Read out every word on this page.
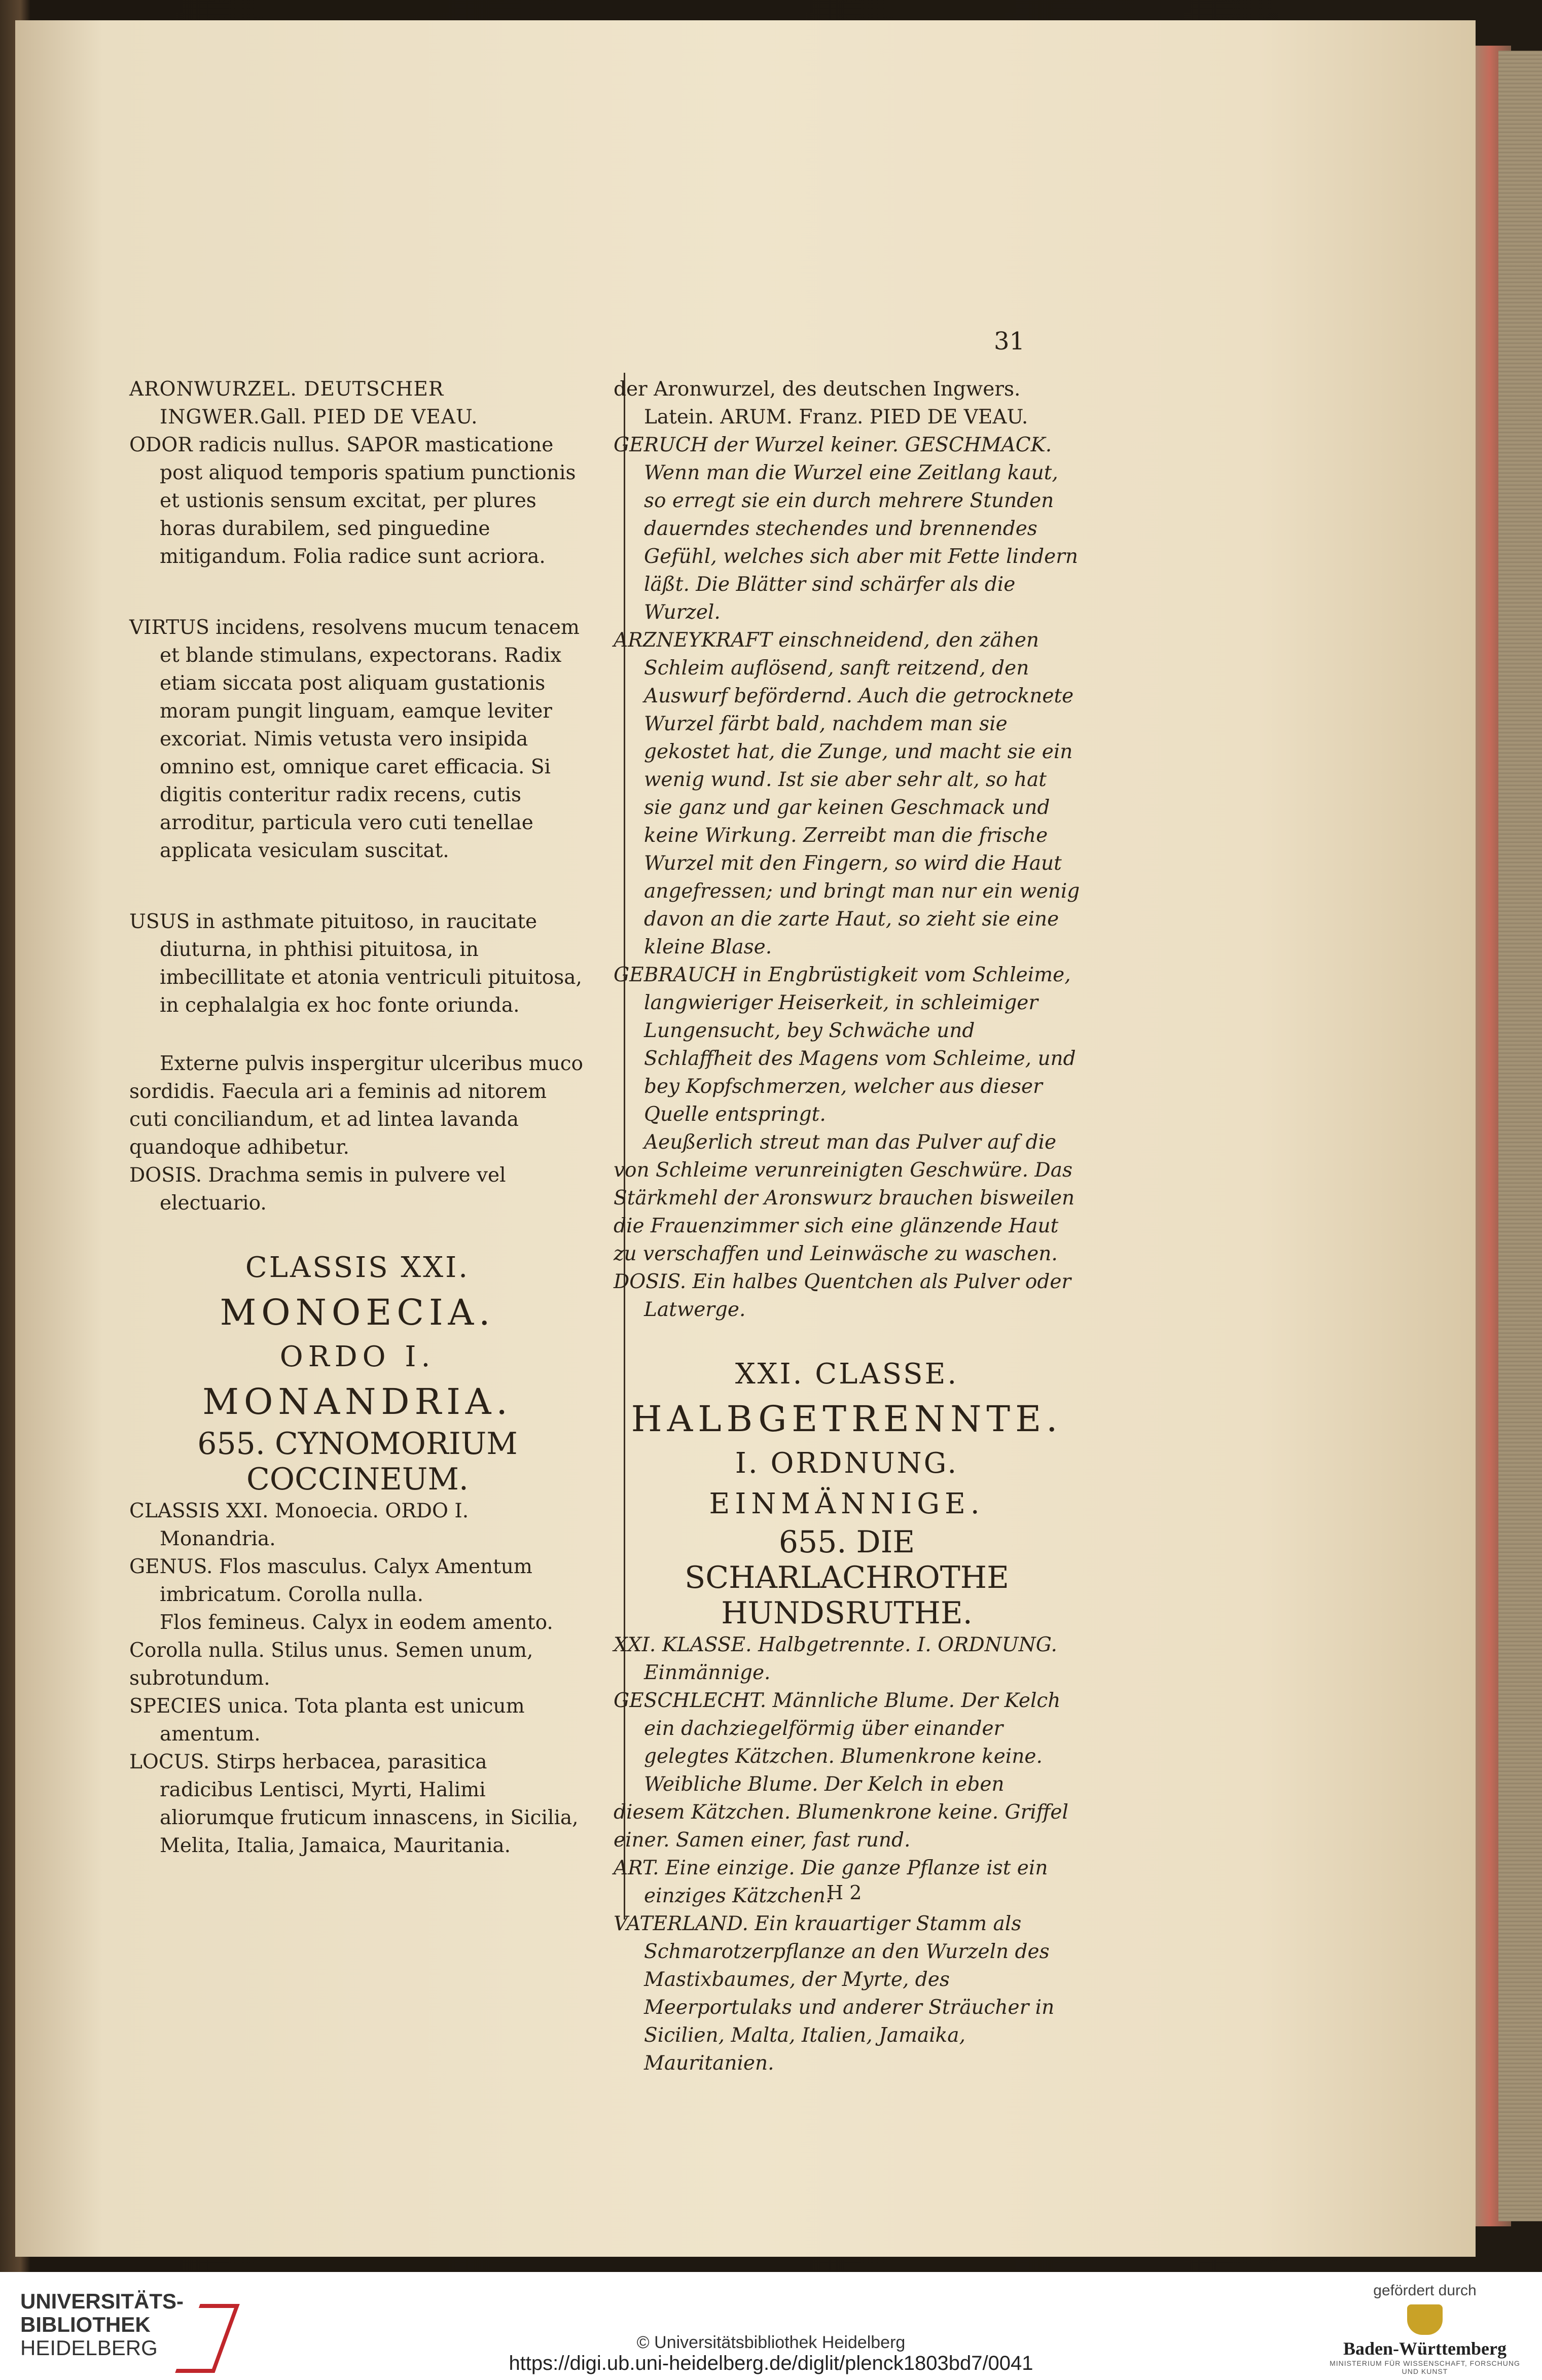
31

ARONWURZEL. DEUTSCHER INGWER.Gall. PIED DE VEAU.

ODOR radicis nullus. SAPOR masticatione post aliquod temporis spatium punctionis et ustionis sensum excitat, per plures horas durabilem, sed pinguedine mitigandum. Folia radice sunt acriora.

VIRTUS incidens, resolvens mucum tenacem et blande stimulans, expectorans. Radix etiam siccata post aliquam gustationis moram pungit linguam, eamque leviter excoriat. Nimis vetusta vero insipida omnino est, omnique caret efficacia. Si digitis conteritur radix recens, cutis arroditur, particula vero cuti tenellae applicata vesiculam suscitat.

USUS in asthmate pituitoso, in raucitate diuturna, in phthisi pituitosa, in imbecillitate et atonia ventriculi pituitosa, in cephalalgia ex hoc fonte oriunda.

Externe pulvis inspergitur ulceribus muco sordidis. Faecula ari a feminis ad nitorem cuti conciliandum, et ad lintea lavanda quandoque adhibetur.

DOSIS. Drachma semis in pulvere vel electuario.

CLASSIS XXI.

MONOECIA.

ORDO I.

MONANDRIA.

655. CYNOMORIUM COCCINEUM.

CLASSIS XXI. Monoecia. ORDO I. Monandria.

GENUS. Flos masculus. Calyx Amentum imbricatum. Corolla nulla.

Flos femineus. Calyx in eodem amento. Corolla nulla. Stilus unus. Semen unum, subrotundum.

SPECIES unica. Tota planta est unicum amentum.

LOCUS. Stirps herbacea, parasitica radicibus Lentisci, Myrti, Halimi aliorumque fruticum innascens, in Sicilia, Melita, Italia, Jamaica, Mauritania.

der Aronwurzel, des deutschen Ingwers. Latein. ARUM. Franz. PIED DE VEAU.

GERUCH der Wurzel keiner. GESCHMACK. Wenn man die Wurzel eine Zeitlang kaut, so erregt sie ein durch mehrere Stunden dauerndes stechendes und brennendes Gefühl, welches sich aber mit Fette lindern läßt. Die Blätter sind schärfer als die Wurzel.

ARZNEYKRAFT einschneidend, den zähen Schleim auflösend, sanft reitzend, den Auswurf befördernd. Auch die getrocknete Wurzel färbt bald, nachdem man sie gekostet hat, die Zunge, und macht sie ein wenig wund. Ist sie aber sehr alt, so hat sie ganz und gar keinen Geschmack und keine Wirkung. Zerreibt man die frische Wurzel mit den Fingern, so wird die Haut angefressen; und bringt man nur ein wenig davon an die zarte Haut, so zieht sie eine kleine Blase.

GEBRAUCH in Engbrüstigkeit vom Schleime, langwieriger Heiserkeit, in schleimiger Lungensucht, bey Schwäche und Schlaffheit des Magens vom Schleime, und bey Kopfschmerzen, welcher aus dieser Quelle entspringt.

Aeußerlich streut man das Pulver auf die von Schleime verunreinigten Geschwüre. Das Stärkmehl der Aronswurz brauchen bisweilen die Frauenzimmer sich eine glänzende Haut zu verschaffen und Leinwäsche zu waschen.

DOSIS. Ein halbes Quentchen als Pulver oder Latwerge.

XXI. CLASSE.

HALBGETRENNTE.

I. ORDNUNG.

EINMÄNNIGE.

655. DIE SCHARLACHROTHE HUNDSRUTHE.

XXI. KLASSE. Halbgetrennte. I. ORDNUNG. Einmännige.

GESCHLECHT. Männliche Blume. Der Kelch ein dachziegelförmig über einander gelegtes Kätzchen. Blumenkrone keine.

Weibliche Blume. Der Kelch in eben diesem Kätzchen. Blumenkrone keine. Griffel einer. Samen einer, fast rund.

ART. Eine einzige. Die ganze Pflanze ist ein einziges Kätzchen.

VATERLAND. Ein krauartiger Stamm als Schmarotzerpflanze an den Wurzeln des Mastixbaumes, der Myrte, des Meerportulaks und anderer Sträucher in Sicilien, Malta, Italien, Jamaika, Mauritanien.

H 2
UNIVERSITÄTS-
BIBLIOTHEK
HEIDELBERG	© Universitätsbibliothek Heidelberg
https://digi.ub.uni-heidelberg.de/diglit/plenck1803bd7/0041
gefördert durch
Baden-Württemberg
MINISTERIUM FÜR WISSENSCHAFT, FORSCHUNG UND KUNST
